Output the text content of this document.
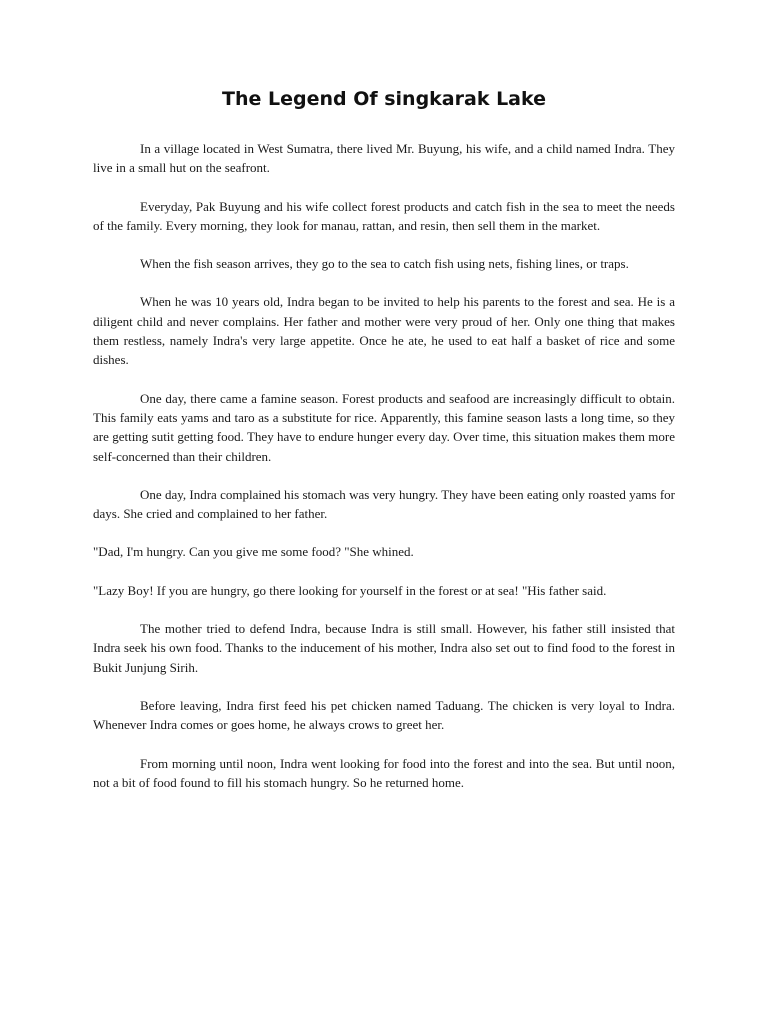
The Legend Of singkarak Lake

In a village located in West Sumatra, there lived Mr. Buyung, his wife, and a child named Indra. They live in a small hut on the seafront.

Everyday, Pak Buyung and his wife collect forest products and catch fish in the sea to meet the needs of the family. Every morning, they look for manau, rattan, and resin, then sell them in the market.

When the fish season arrives, they go to the sea to catch fish using nets, fishing lines, or traps.

When he was 10 years old, Indra began to be invited to help his parents to the forest and sea. He is a diligent child and never complains. Her father and mother were very proud of her. Only one thing that makes them restless, namely Indra's very large appetite. Once he ate, he used to eat half a basket of rice and some dishes.

One day, there came a famine season. Forest products and seafood are increasingly difficult to obtain. This family eats yams and taro as a substitute for rice. Apparently, this famine season lasts a long time, so they are getting sutit getting food. They have to endure hunger every day. Over time, this situation makes them more self-concerned than their children.

One day, Indra complained his stomach was very hungry. They have been eating only roasted yams for days. She cried and complained to her father.

"Dad, I'm hungry. Can you give me some food? "She whined.

"Lazy Boy! If you are hungry, go there looking for yourself in the forest or at sea! "His father said.

The mother tried to defend Indra, because Indra is still small. However, his father still insisted that Indra seek his own food. Thanks to the inducement of his mother, Indra also set out to find food to the forest in Bukit Junjung Sirih.

Before leaving, Indra first feed his pet chicken named Taduang. The chicken is very loyal to Indra. Whenever Indra comes or goes home, he always crows to greet her.

From morning until noon, Indra went looking for food into the forest and into the sea. But until noon, not a bit of food found to fill his stomach hungry. So he returned home.
